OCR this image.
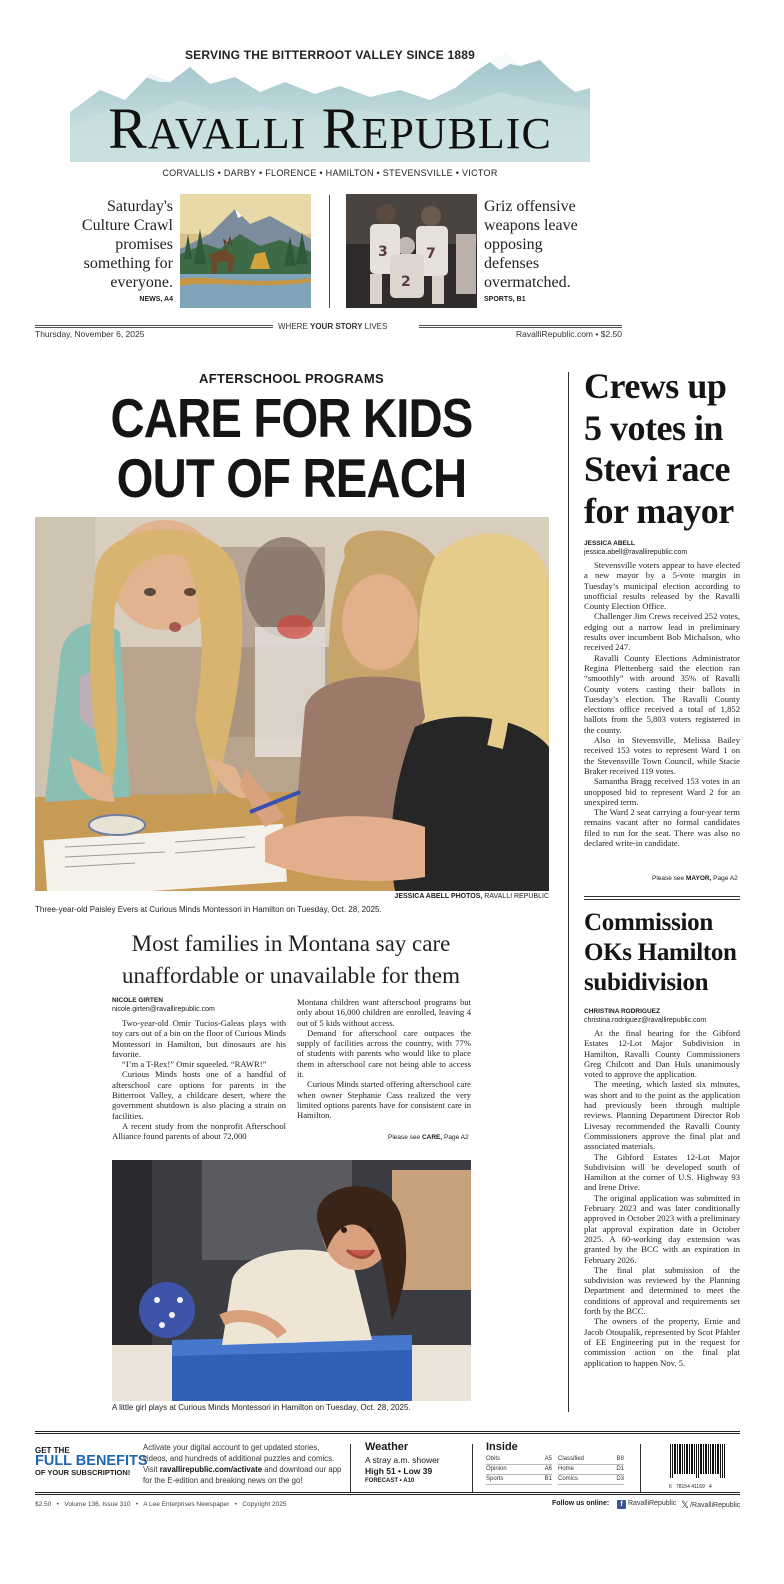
SERVING THE BITTERROOT VALLEY SINCE 1889
RAVALLI REPUBLIC
CORVALLIS • DARBY • FLORENCE • HAMILTON • STEVENSVILLE • VICTOR
Saturday's Culture Crawl promises something for everyone.
NEWS, A4
3	7
2
Griz offensive weapons leave opposing defenses overmatched.
SPORTS, B1
Thursday, November 6, 2025
WHERE YOUR STORY LIVES
RavalliRepublic.com • $2.50
AFTERSCHOOL PROGRAMS
CARE FOR KIDS
OUT OF REACH
JESSICA ABELL PHOTOS, RAVALLI REPUBLIC
Three-year-old Paisley Evers at Curious Minds Montessori in Hamilton on Tuesday, Oct. 28, 2025.
Most families in Montana say care
unaffordable or unavailable for them
NICOLE GIRTEN
nicole.girten@ravallirepublic.com

Two-year-old Omir Tucios-Galeas plays with toy cars out of a bin on the floor of Curious Minds Montessori in Hamilton, but dinosaurs are his favorite.

“I’m a T-Rex!” Omir squeeled. “RAWR!”

Curious Minds hosts one of a handful of afterschool care options for parents in the Bitterroot Valley, a childcare desert, where the government shutdown is also placing a strain on facilities.

A recent study from the nonprofit Afterschool Alliance found parents of about 72,000

Montana children want afterschool programs but only about 16,000 children are enrolled, leaving 4 out of 5 kids without access.

Demand for afterschool care outpaces the supply of facilities across the country, with 77% of students with parents who would like to place them in afterschool care not being able to access it.

Curious Minds started offering afterschool care when owner Stephanie Cass realized the very limited options parents have for consistent care in Hamilton.

Please see CARE, Page A2
A little girl plays at Curious Minds Montessori in Hamilton on Tuesday, Oct. 28, 2025.
Crews up 5 votes in Stevi race for mayor
JESSICA ABELL
jessica.abell@ravallirepublic.com

Stevensville voters appear to have elected a new mayor by a 5-vote margin in Tuesday’s municipal election according to unofficial results released by the Ravalli County Election Office.

Challenger Jim Crews received 252 votes, edging out a narrow lead in preliminary results over incumbent Bob Michalson, who received 247.

Ravalli County Elections Administrator Regina Plettenberg said the election ran “smoothly” with around 35% of Ravalli County voters casting their ballots in Tuesday’s election. The Ravalli County elections office received a total of 1,852 ballots from the 5,803 voters registered in the county.

Also in Stevensville, Melissa Bailey received 153 votes to represent Ward 1 on the Stevensville Town Council, while Stacie Braker received 119 votes.

Samantha Bragg received 153 votes in an unopposed bid to represent Ward 2 for an unexpired term.

The Ward 2 seat carrying a four-year term remains vacant after no formal candidates filed to run for the seat. There was also no declared write-in candidate.

Please see MAYOR, Page A2
Commission OKs Hamilton subidivision
CHRISTINA RODRIGUEZ
christina.rodriguez@ravallirepublic.com

At the final hearing for the Gibford Estates 12-Lot Major Subdivision in Hamilton, Ravalli County Commissioners Greg Chilcott and Dan Huls unanimously voted to approve the application.

The meeting, which lasted six minutes, was short and to the point as the application had previously been through multiple reviews. Planning Department Director Rob Livesay recommended the Ravalli County Commissioners approve the final plat and associated materials.

The Gibford Estates 12-Lot Major Subdivision will be developed south of Hamilton at the corner of U.S. Highway 93 and Irene Drive.

The original application was submitted in February 2023 and was later conditionally approved in October 2023 with a preliminary plat approval expiration date in October 2025. A 60-working day extension was granted by the BCC with an expiration in February 2026.

The final plat submission of the subdivision was reviewed by the Planning Department and determined to meet the conditions of approval and requirements set forth by the BCC.

The owners of the property, Ernie and Jacob Otoupalik, represented by Scot Pfahler of EE Engineering put in the request for commission action on the final plat application to happen Nov. 5.

GET THE
FULL BENEFITS
OF YOUR SUBSCRIPTION!
Activate your digital account to get updated stories, videos, and hundreds of additional puzzles and comics. Visit ravallirepublic.com/activate and download our app for the E-edition and breaking news on the go!
Weather
A stray a.m. shower
High 51 • Low 39
FORECAST • A10
Inside
Obits	A5
Opinion	A6
Sports	B1
Classified	B8
Home	D1
Comics	D3
6   78154 41169   4
$2.50   •   Volume 136, Issue 310   •   A Lee Enterprises Newspaper   •   Copyright 2025	Follow us online:	f RavalliRepublic 𝕏/RavalliRepublic
